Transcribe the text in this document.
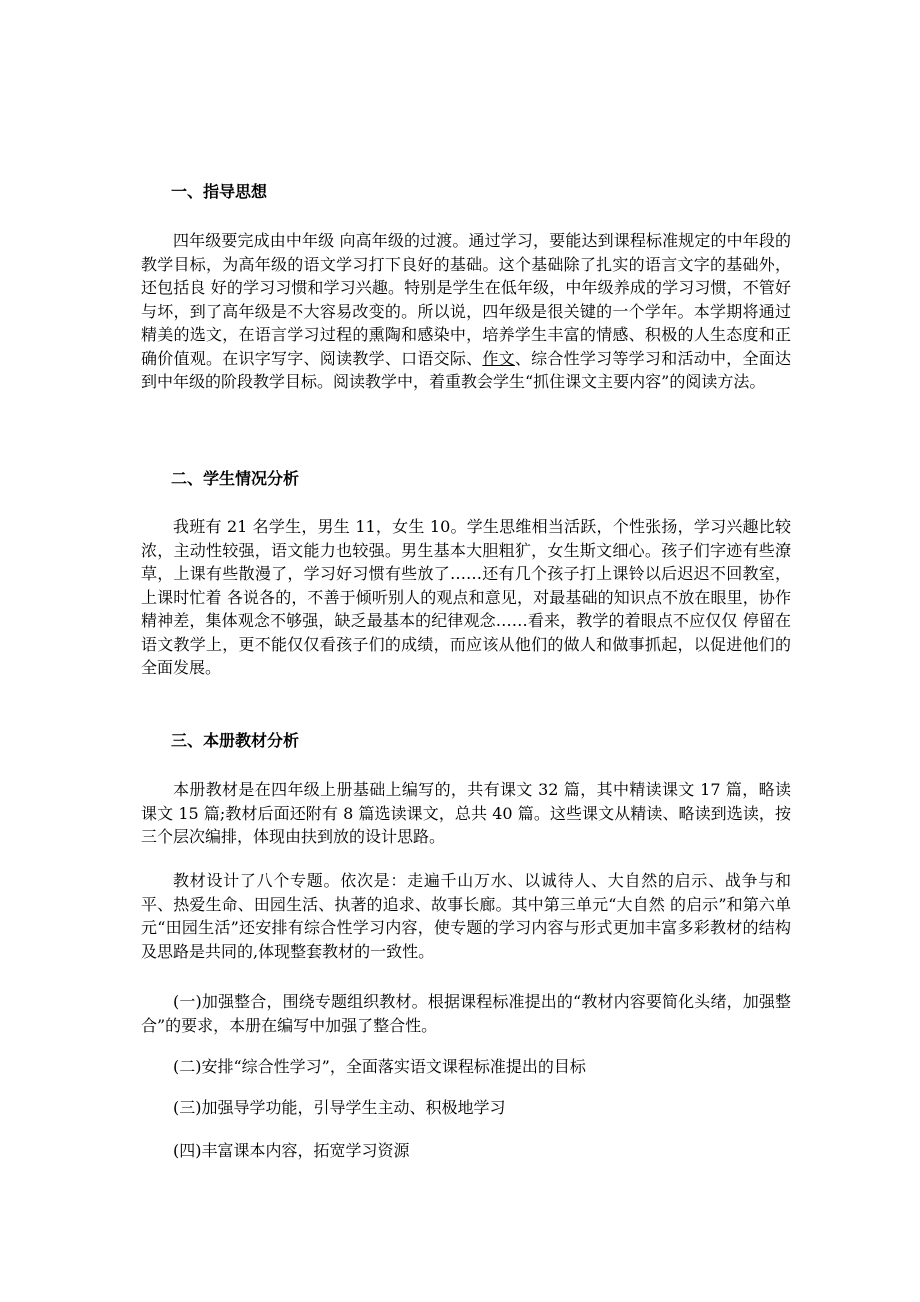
一、指导思想

四年级要完成由中年级 向高年级的过渡。通过学习，要能达到课程标准规定的中年段的教学目标，为高年级的语文学习打下良好的基础。这个基础除了扎实的语言文字的基础外，还包括良 好的学习习惯和学习兴趣。特别是学生在低年级，中年级养成的学习习惯，不管好与坏，到了高年级是不大容易改变的。所以说，四年级是很关键的一个学年。本学期将通过精美的选文，在语言学习过程的熏陶和感染中，培养学生丰富的情感、积极的人生态度和正确价值观。在识字写字、阅读教学、口语交际、作文、综合性学习等学习和活动中，全面达到中年级的阶段教学目标。阅读教学中，着重教会学生“抓住课文主要内容”的阅读方法。

二、学生情况分析

我班有 21 名学生，男生 11，女生 10。学生思维相当活跃，个性张扬，学习兴趣比较浓，主动性较强，语文能力也较强。男生基本大胆粗犷，女生斯文细心。孩子们字迹有些潦草，上课有些散漫了，学习好习惯有些放了……还有几个孩子打上课铃以后迟迟不回教室，上课时忙着 各说各的，不善于倾听别人的观点和意见，对最基础的知识点不放在眼里，协作精神差，集体观念不够强，缺乏最基本的纪律观念……看来，教学的着眼点不应仅仅 停留在语文教学上，更不能仅仅看孩子们的成绩，而应该从他们的做人和做事抓起，以促进他们的全面发展。

三、本册教材分析

本册教材是在四年级上册基础上编写的，共有课文 32 篇，其中精读课文 17 篇，略读课文 15 篇;教材后面还附有 8 篇选读课文，总共 40 篇。这些课文从精读、略读到选读，按三个层次编排，体现由扶到放的设计思路。

教材设计了八个专题。依次是：走遍千山万水、以诚待人、大自然的启示、战争与和平、热爱生命、田园生活、执著的追求、故事长廊。其中第三单元“大自然 的启示”和第六单元“田园生活”还安排有综合性学习内容，使专题的学习内容与形式更加丰富多彩教材的结构及思路是共同的,体现整套教材的一致性。

(一)加强整合，围绕专题组织教材。根据课程标准提出的“教材内容要简化头绪，加强整合”的要求，本册在编写中加强了整合性。

(二)安排“综合性学习”，全面落实语文课程标准提出的目标

(三)加强导学功能，引导学生主动、积极地学习

(四)丰富课本内容，拓宽学习资源
